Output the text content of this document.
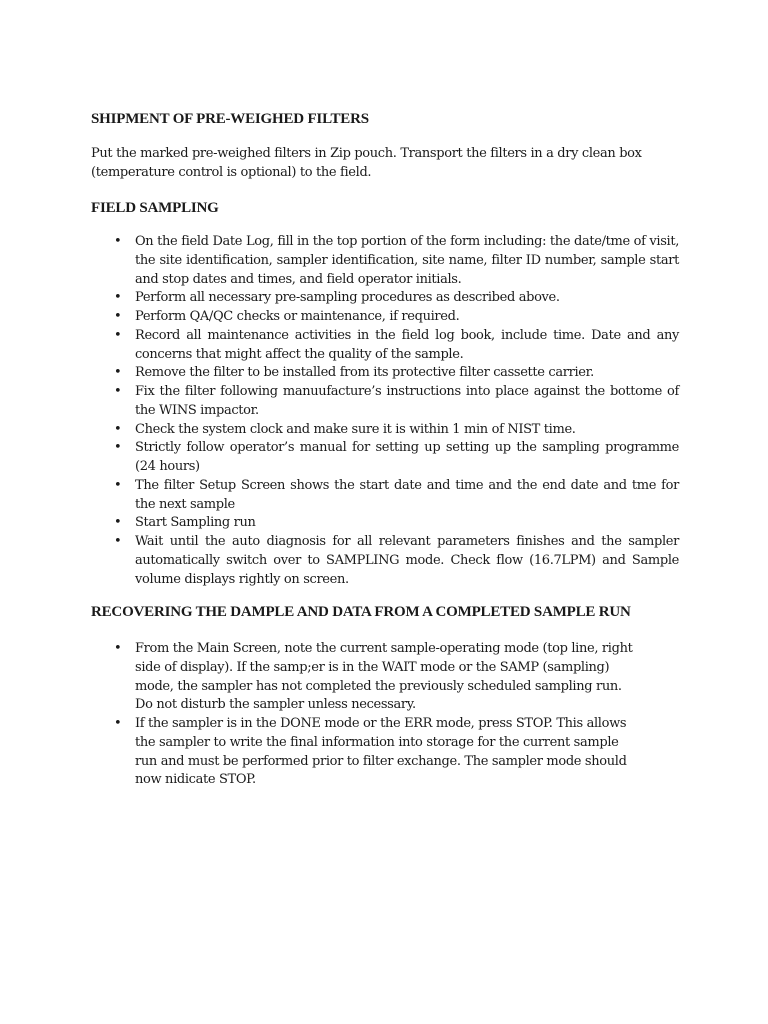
SHIPMENT OF PRE-WEIGHED FILTERS

Put the marked pre-weighed filters in Zip pouch. Transport the filters in a dry clean box (temperature control is optional) to the field.

FIELD SAMPLING
• On the field Date Log, fill in the top portion of the form including: the date/tme of visit, the site identification, sampler identification, site name, filter ID number, sample start and stop dates and times, and field operator initials.
• Perform all necessary pre-sampling procedures as described above.
• Perform QA/QC checks or maintenance, if required.
• Record all maintenance activities in the field log book, include time. Date and any concerns that might affect the quality of the sample.
• Remove the filter to be installed from its protective filter cassette carrier.
• Fix the filter following manuufacture’s instructions into place against the bottome of the WINS impactor.
• Check the system clock and make sure it is within 1 min of NIST time.
• Strictly follow operator’s manual for setting up setting up the sampling programme (24 hours)
• The filter Setup Screen shows the start date and time and the end date and tme for the next sample
• Start Sampling run
• Wait until the auto diagnosis for all relevant parameters finishes and the sampler automatically switch over to SAMPLING mode. Check flow (16.7LPM) and Sample volume displays rightly on screen.
RECOVERING THE DAMPLE AND DATA FROM A COMPLETED SAMPLE RUN
• From the Main Screen, note the current sample-operating mode (top line, right side of display). If the samp;er is in the WAIT mode or the SAMP (sampling) mode, the sampler has not completed the previously scheduled sampling run. Do not disturb the sampler unless necessary.
• If the sampler is in the DONE mode or the ERR mode, press STOP. This allows the sampler to write the final information into storage for the current sample run and must be performed prior to filter exchange. The sampler mode should now nidicate STOP.
